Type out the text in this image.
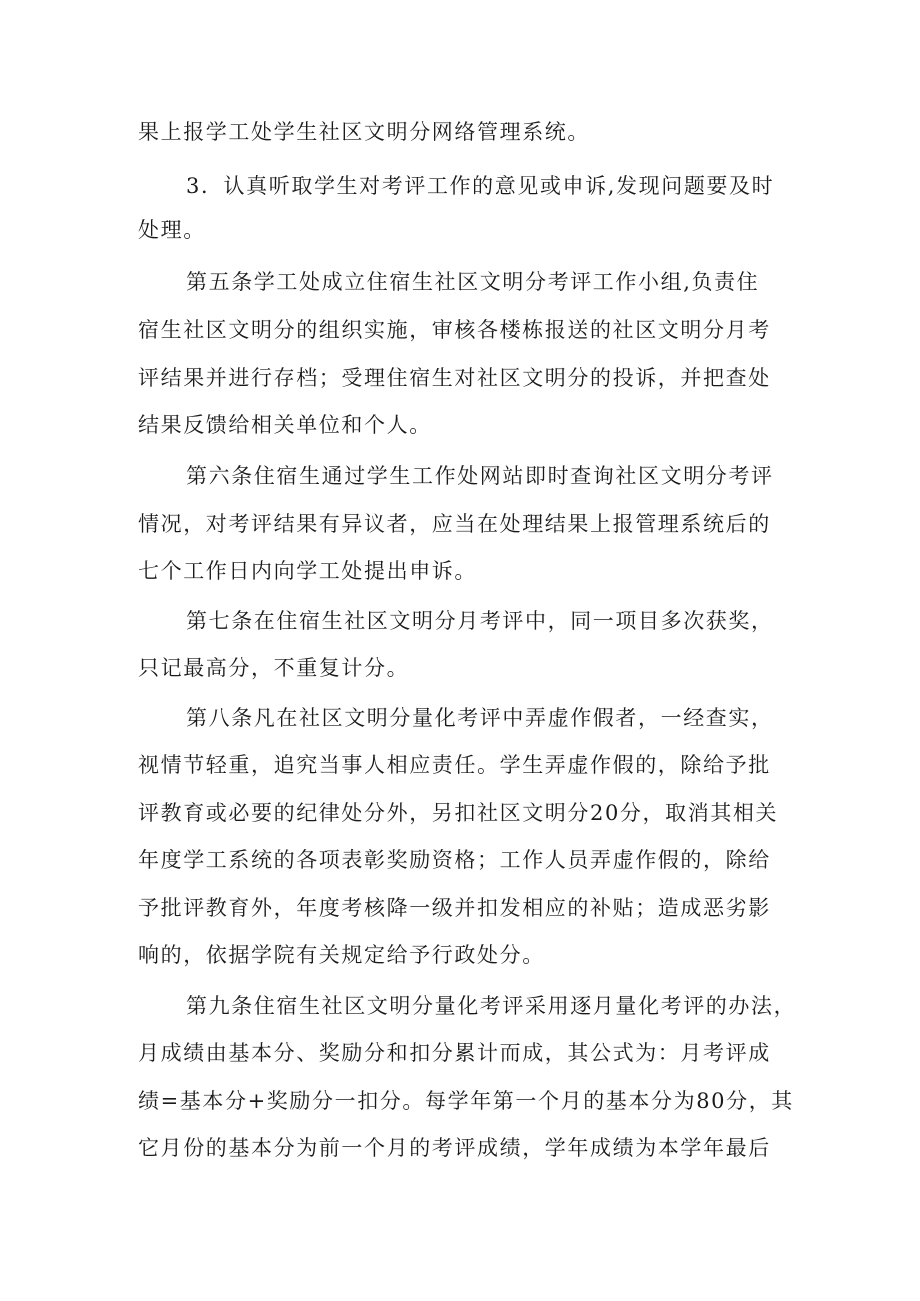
果上报学工处学生社区文明分网络管理系统。
3．认真听取学生对考评工作的意见或申诉,发现问题要及时
处理。
第五条学工处成立住宿生社区文明分考评工作小组,负责住
宿生社区文明分的组织实施，审核各楼栋报送的社区文明分月考
评结果并进行存档；受理住宿生对社区文明分的投诉，并把查处
结果反馈给相关单位和个人。
第六条住宿生通过学生工作处网站即时查询社区文明分考评
情况，对考评结果有异议者，应当在处理结果上报管理系统后的
七个工作日内向学工处提出申诉。
第七条在住宿生社区文明分月考评中，同一项目多次获奖，
只记最高分，不重复计分。
第八条凡在社区文明分量化考评中弄虚作假者，一经查实，
视情节轻重，追究当事人相应责任。学生弄虚作假的，除给予批
评教育或必要的纪律处分外，另扣社区文明分20分，取消其相关
年度学工系统的各项表彰奖励资格；工作人员弄虚作假的，除给
予批评教育外，年度考核降一级并扣发相应的补贴；造成恶劣影
响的，依据学院有关规定给予行政处分。
第九条住宿生社区文明分量化考评采用逐月量化考评的办法，
月成绩由基本分、奖励分和扣分累计而成，其公式为：月考评成
绩=基本分+奖励分一扣分。每学年第一个月的基本分为80分，其
它月份的基本分为前一个月的考评成绩，学年成绩为本学年最后
